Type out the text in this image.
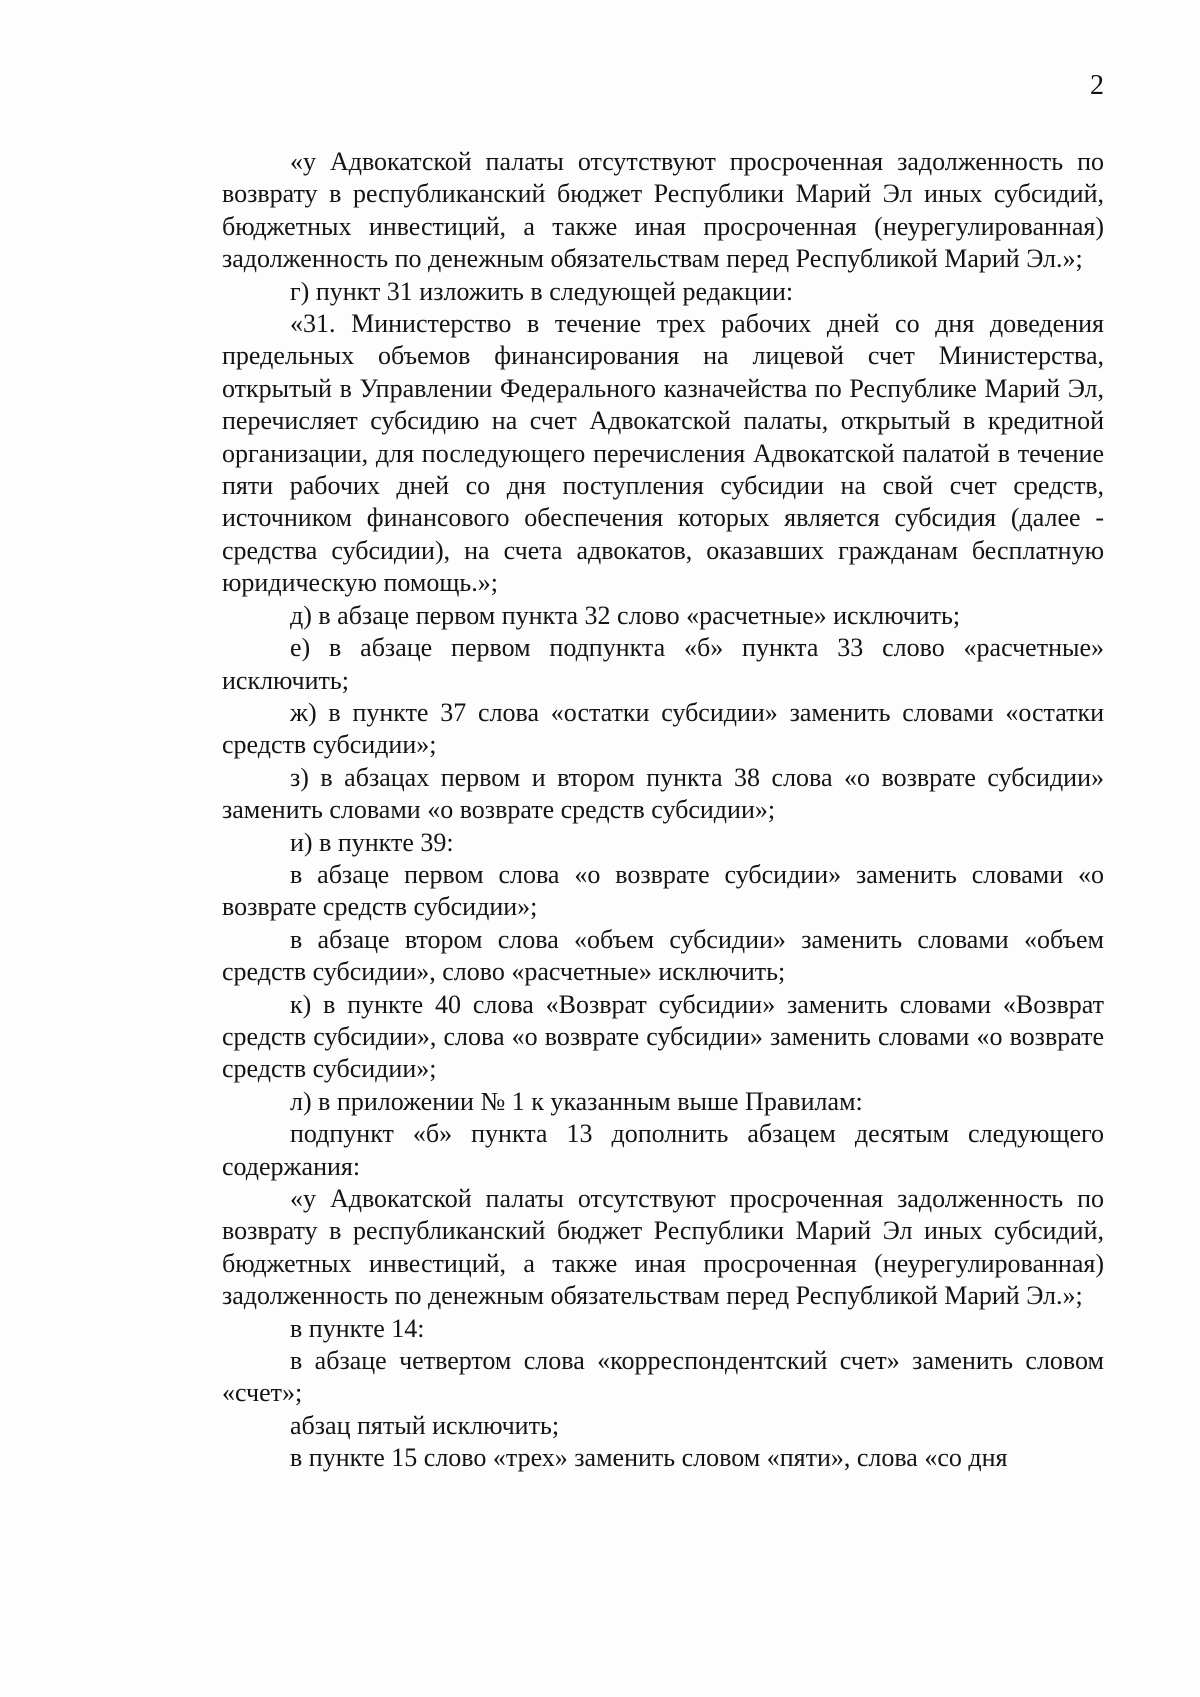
2

«у Адвокатской палаты отсутствуют просроченная задолженность по возврату в республиканский бюджет Республики Марий Эл иных субсидий, бюджетных инвестиций, а также иная просроченная (неурегулированная) задолженность по денежным обязательствам перед Республикой Марий Эл.»;

г) пункт 31 изложить в следующей редакции:

«31. Министерство в течение трех рабочих дней со дня доведения предельных объемов финансирования на лицевой счет Министерства, открытый в Управлении Федерального казначейства по Республике Марий Эл, перечисляет субсидию на счет Адвокатской палаты, открытый в кредитной организации, для последующего перечисления Адвокатской палатой в течение пяти рабочих дней со дня поступления субсидии на свой счет средств, источником финансового обеспечения которых является субсидия (далее - средства субсидии), на счета адвокатов, оказавших гражданам бесплатную юридическую помощь.»;

д) в абзаце первом пункта 32 слово «расчетные» исключить;

е) в абзаце первом подпункта «б» пункта 33 слово «расчетные» исключить;

ж) в пункте 37 слова «остатки субсидии» заменить словами «остатки средств субсидии»;

з) в абзацах первом и втором пункта 38 слова «о возврате субсидии» заменить словами «о возврате средств субсидии»;

и) в пункте 39:

в абзаце первом слова «о возврате субсидии» заменить словами «о возврате средств субсидии»;

в абзаце втором слова «объем субсидии» заменить словами «объем средств субсидии», слово «расчетные» исключить;

к) в пункте 40 слова «Возврат субсидии» заменить словами «Возврат средств субсидии», слова «о возврате субсидии» заменить словами «о возврате средств субсидии»;

л) в приложении № 1 к указанным выше Правилам:

подпункт «б» пункта 13 дополнить абзацем десятым следующего содержания:

«у Адвокатской палаты отсутствуют просроченная задолженность по возврату в республиканский бюджет Республики Марий Эл иных субсидий, бюджетных инвестиций, а также иная просроченная (неурегулированная) задолженность по денежным обязательствам перед Республикой Марий Эл.»;

в пункте 14:

в абзаце четвертом слова «корреспондентский счет» заменить словом «счет»;

абзац пятый исключить;

в пункте 15 слово «трех» заменить словом «пяти», слова «со дня
